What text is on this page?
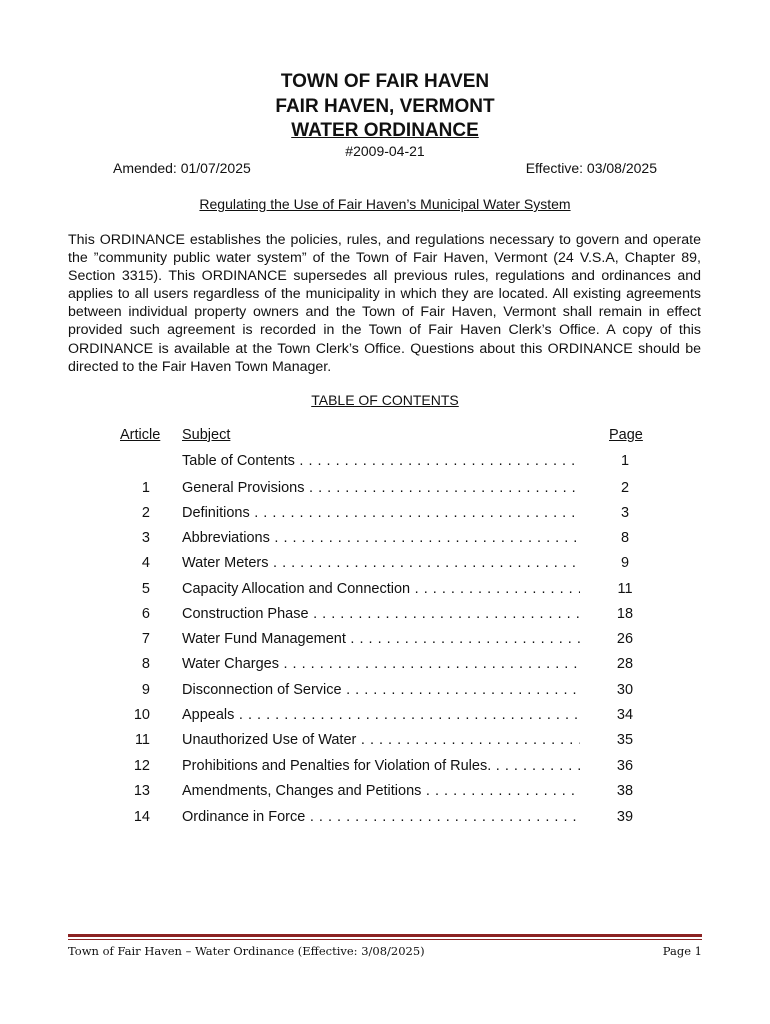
TOWN OF FAIR HAVEN
FAIR HAVEN, VERMONT
WATER ORDINANCE
#2009-04-21
Amended: 01/07/2025	Effective: 03/08/2025
Regulating the Use of Fair Haven’s Municipal Water System

This ORDINANCE establishes the policies, rules, and regulations necessary to govern and operate the ”community public water system” of the Town of Fair Haven, Vermont (24 V.S.A, Chapter 89, Section 3315). This ORDINANCE supersedes all previous rules, regulations and ordinances and applies to all users regardless of the municipality in which they are located. All existing agreements between individual property owners and the Town of Fair Haven, Vermont shall remain in effect provided such agreement is recorded in the Town of Fair Haven Clerk’s Office. A copy of this ORDINANCE is available at the Town Clerk’s Office. Questions about this ORDINANCE should be directed to the Fair Haven Town Manager.

TABLE OF CONTENTS
Article Subject	Page
Table of Contents . . .	1
1 General Provisions . . .	2
2 Definitions . . .	3
3 Abbreviations . . .	8
4 Water Meters . . .	9
5 Capacity Allocation and Connection . . .	11
6 Construction Phase . . .	18
7 Water Fund Management . . .	26
8 Water Charges . . .	28
9 Disconnection of Service . . .	30
10 Appeals . . .	34
11 Unauthorized Use of Water . . .	35
12 Prohibitions and Penalties for Violation of Rules. . . .	36
13 Amendments, Changes and Petitions . . .	38
14 Ordinance in Force . . .	39
Town of Fair Haven – Water Ordinance (Effective: 3/08/2025)	Page 1
